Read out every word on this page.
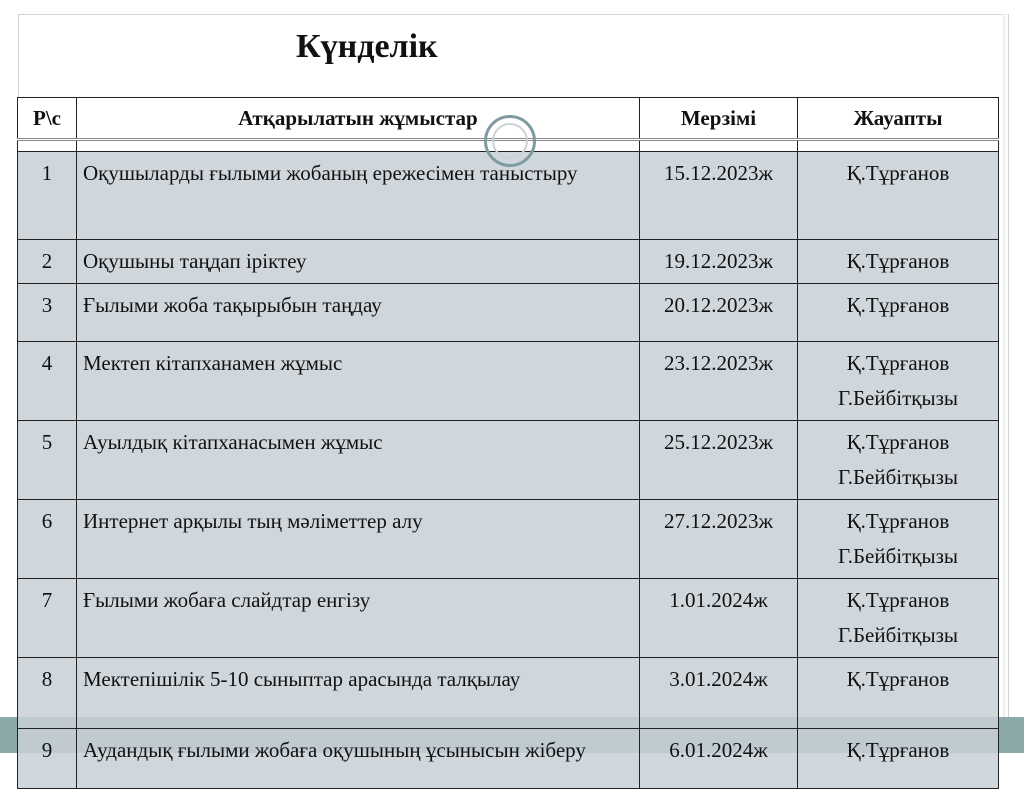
Күнделік
Р\с	Атқарылатын жұмыстар	Мерзімі	Жауапты

1	Оқушыларды ғылыми жобаның ережесімен таныстыру	15.12.2023ж	Қ.Тұрғанов

2	Оқушыны таңдап іріктеу	19.12.2023ж	Қ.Тұрғанов

3	Ғылыми жоба тақырыбын таңдау	20.12.2023ж	Қ.Тұрғанов

4	Мектеп кітапханамен жұмыс	23.12.2023ж	Қ.Тұрғанов
Г.Бейбітқызы

5	Ауылдық кітапханасымен жұмыс	25.12.2023ж	Қ.Тұрғанов
Г.Бейбітқызы

6	Интернет арқылы тың мәліметтер алу	27.12.2023ж	Қ.Тұрғанов
Г.Бейбітқызы

7	Ғылыми жобаға слайдтар енгізу	1.01.2024ж	Қ.Тұрғанов
Г.Бейбітқызы

8	Мектепішілік 5-10 сыныптар арасында талқылау	3.01.2024ж	Қ.Тұрғанов

9	Аудандық ғылыми жобаға оқушының ұсынысын жіберу	6.01.2024ж	Қ.Тұрғанов
